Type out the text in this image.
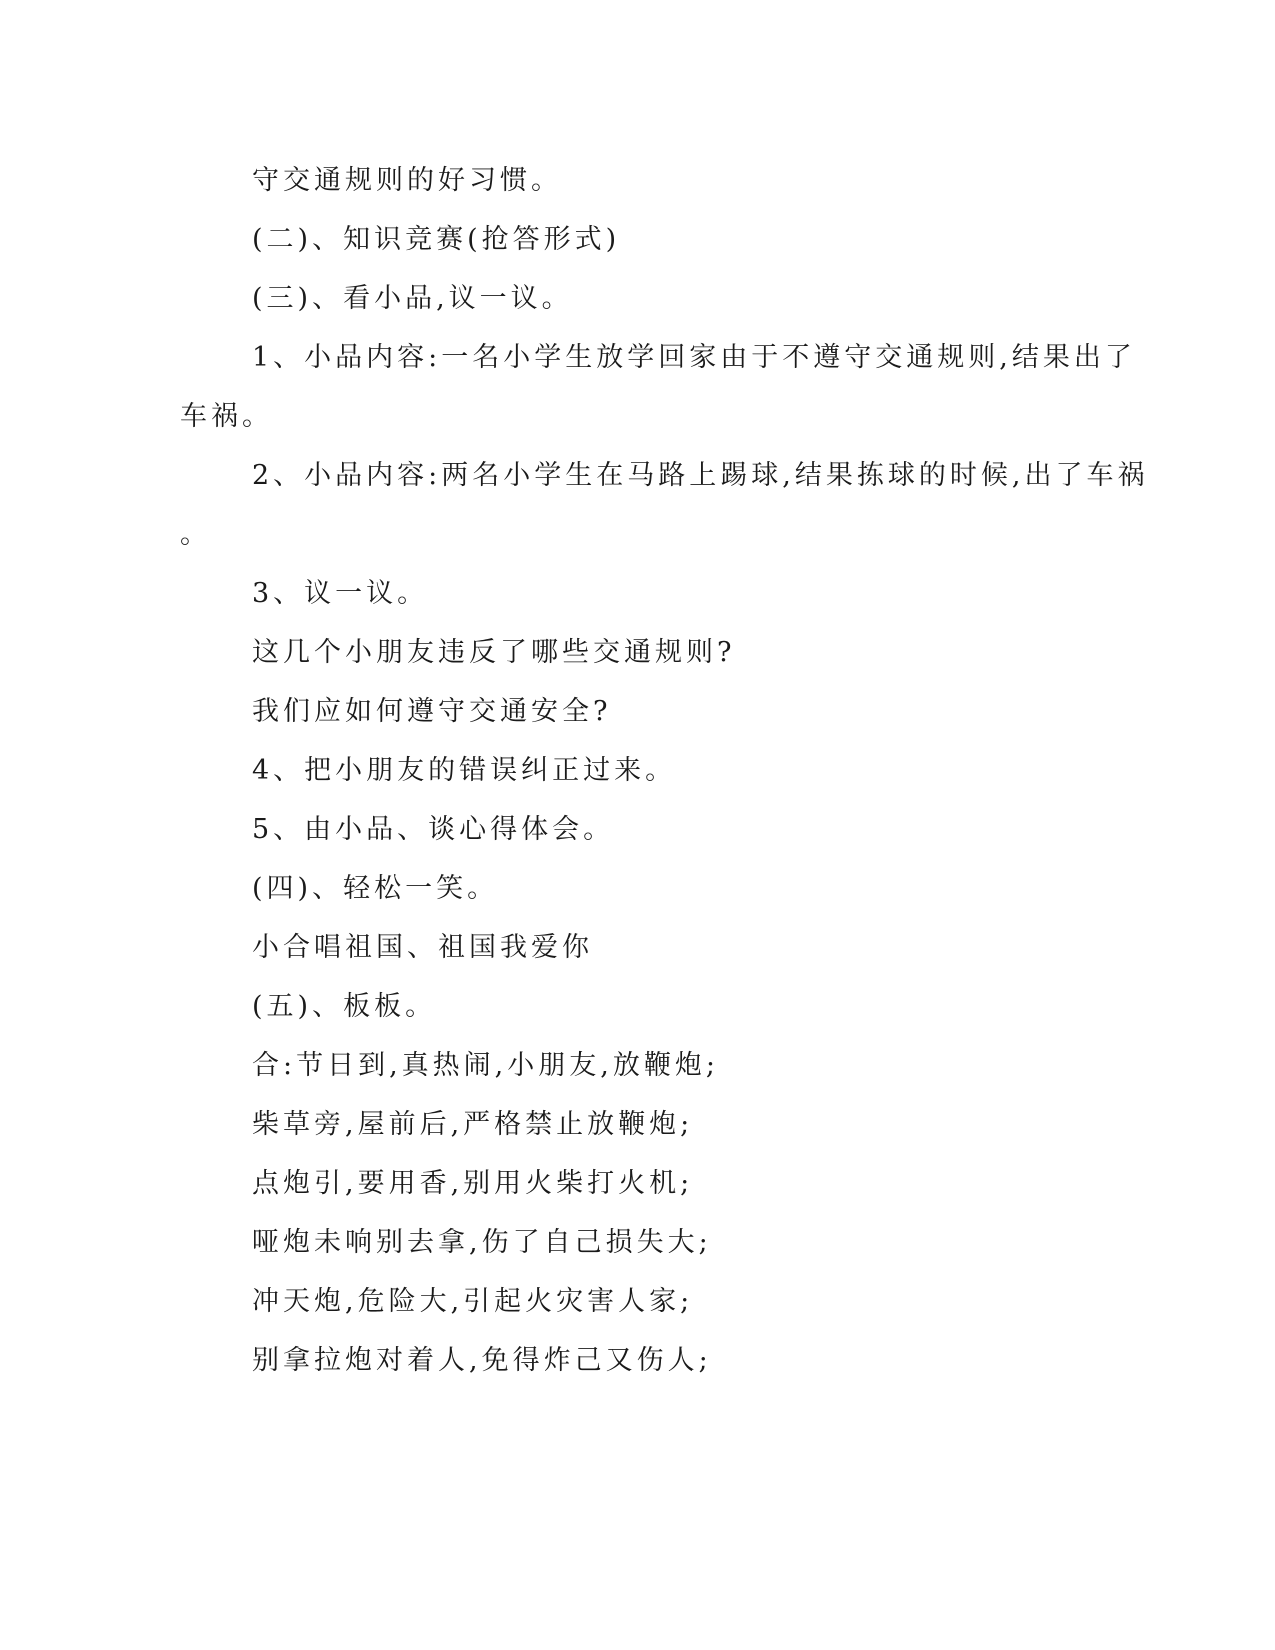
守交通规则的好习惯。
(二)、知识竞赛(抢答形式)
(三)、看小品,议一议。
1、小品内容:一名小学生放学回家由于不遵守交通规则,结果出了
车祸。
2、小品内容:两名小学生在马路上踢球,结果拣球的时候,出了车祸
。
3、议一议。
这几个小朋友违反了哪些交通规则?
我们应如何遵守交通安全?
4、把小朋友的错误纠正过来。
5、由小品、谈心得体会。
(四)、轻松一笑。
小合唱祖国、祖国我爱你
(五)、板板。
合:节日到,真热闹,小朋友,放鞭炮;
柴草旁,屋前后,严格禁止放鞭炮;
点炮引,要用香,别用火柴打火机;
哑炮未响别去拿,伤了自己损失大;
冲天炮,危险大,引起火灾害人家;
别拿拉炮对着人,免得炸己又伤人;
